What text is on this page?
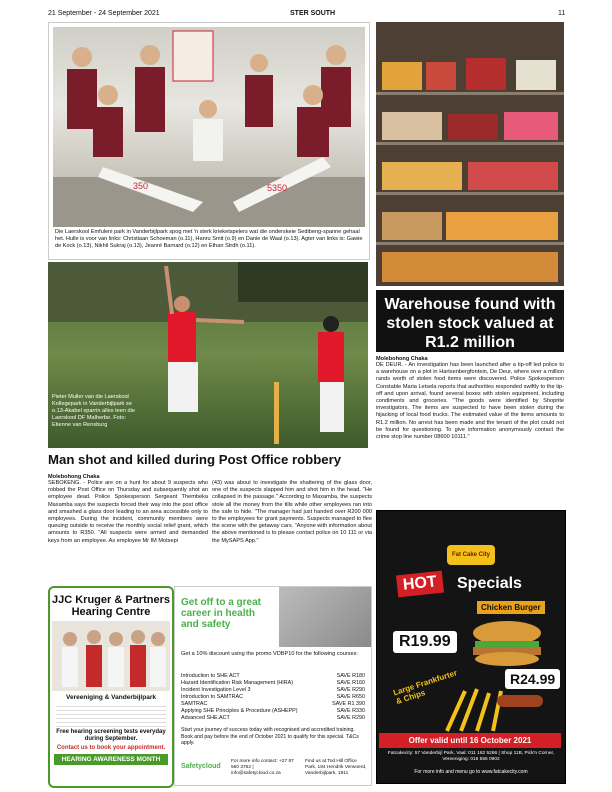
21 September - 24 September 2021	STER SOUTH	11
350	5350
Die Laerskool Emfuleni park in Vanderbijlpark spog met 'n sterk krieketspelers wat die onderskeie Sedibeng-spanne gehaal het. Hulle is voor van links: Christiaan Schoeman (o.11), Hanru Smit (o.9) en Danie de Waal (o.13). Agter van links is: Gawie de Kock (o.13), Nikhil Sukraj (o.13), Jeanré Barnard (o.12) en Ethan Strdh (o.11).
Warehouse found with stolen stock valued at R1.2 million
Molebohong Chaka

DE DEUR. - An investigation has been launched after a tip-off led police to a warehouse on a plot in Hartsenbergfontein, De Deur, where over a million rands worth of stolen food items were discovered. Police Spokesperson Constable Maria Letsela reports that authorities responded swiftly to the tip-off and upon arrival, found several boxes with stolen equipment, including condiments and groceries. "The goods were identified by Shoprite investigators. The items are suspected to have been stolen during the hijacking of local food trucks. The estimated value of the items amounts to R1.2 million. No arrest has been made and the tenant of the plot could not be found for questioning. To give information anonymously contact the crime stop line number 08600 10111."

Pieter Muller van die Laerskool Kollegepark in Vanderbijlpark se o.13-Akabel sparrin alles teen die Laerskool DF Malherbe. Foto: Etienne van Rensburg
Man shot and killed during Post Office robbery
Molebohong Chaka

SEBOKENG. - Police are on a hunt for about 9 suspects who robbed the Post Office on Thursday and subsequently shot an employee dead. Police Spokesperson Sergeant Thembeka Maxamba says the suspects forced their way into the post office and smashed a glass door leading to an area accessible only to employees. During the incident, community members were queuing outside to receive the monthly social relief grant, which amounts to R350. "All suspects were armed and demanded keys from an employee. As employee Mr IM Motsepi

(43) was about to investigate the shattering of the glass door, one of the suspects slapped him and shot him in the head. "He collapsed in the passage." According to Maxamba, the suspects stole all the money from the tills while other employees ran into the safe to hide. "The manager had just handed over R200 000 to the employees for grant payments. Suspects managed to flee the scene with the getaway cars. "Anyone with information about the above mentioned is to please contact police on 10 111 or via the MySAPS App."

JJC Kruger & Partners Hearing Centre
Vereeniging & Vanderbijlpark
Free hearing screening tests everyday during September.
Contact us to book your appointment.
HEARING AWARENESS MONTH
Get off to a great career in health and safety
Get a 10% discount using the promo VDBP10 for the following courses:
Introduction to SHE ACT	SAVE R180
Hazard Identification Risk Management (HIRA)	SAVE R160
Incident Investigation Level 3	SAVE R290
Introduction to SAMTRAC	SAVE R650
SAMTRAC	SAVE R1 390
Applying SHE Principles & Procedure (ASHEPP)	SAVE R330
Advanced SHE.ACT	SAVE R290
Start your journey of success today with recognised and accredited training. Book and pay before the end of October 2021 to qualify for this special. T&Cs apply.
Safetycloud
For more info contact: +27 87 550 3762 | info@safetycloud.co.za
Find us at Tod Hill Office Park, 184 Hendrik Verwoerd, Vanderbijlpark, 1911
Fat Cake City
HOT	Specials
Chicken Burger
R19.99
R24.99
Large Frankfurter & Chips
Offer valid until 16 October 2021
Fatcakecity: 57 Vanderbijl Park, Vaal: 011 162 5266 | Shop 11B, Pick'n Corner, Vereeniging: 016 556 0902
For more info and menu go to www.fatcakecity.com
